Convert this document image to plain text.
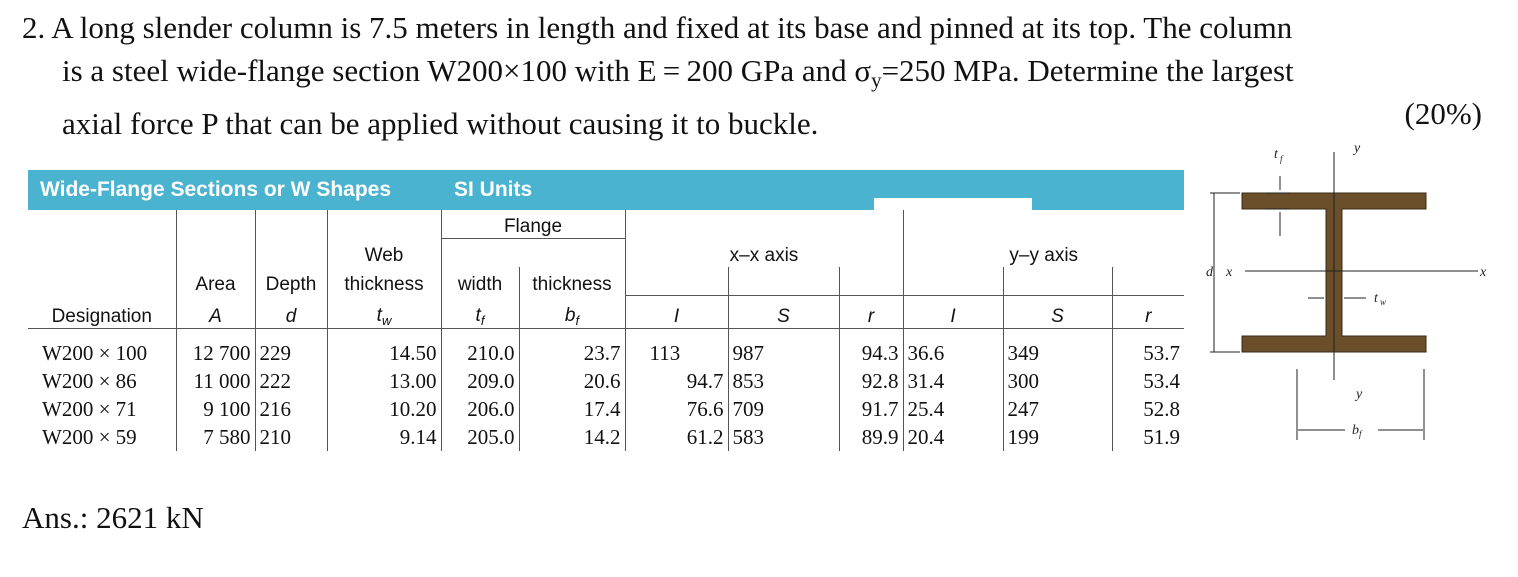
2. A long slender column is 7.5 meters in length and fixed at its base and pinned at its top. The column
is a steel wide-flange section W200×100 with E = 200 GPa and $\sigma_y=250$ MPa. Determine the largest
axial force P that can be applied without causing it to buckle.	(20%)
Wide-Flange Sections or W Shapes	SI Units
				Flange							
			Web			x–x axis			y–y axis		
	Area	Depth	thickness	width	thickness						
Designation	A	d	$t_w$	$t_f$	$b_f$	I	S	r	I	S	r

W200 × 100	12 700	229	14.50	210.0	23.7	113	987	94.3	36.6	349	53.7
W200 × 86	11 000	222	13.00	209.0	20.6	94.7	853	92.8	31.4	300	53.4
W200 × 71	9 100	216	10.20	206.0	17.4	76.6	709	91.7	25.4	247	52.8
W200 × 59	7 580	210	9.14	205.0	14.2	61.2	583	89.9	20.4	199	51.9
t f
y
d x	x
t w
y
b f
Ans.: 2621 kN
